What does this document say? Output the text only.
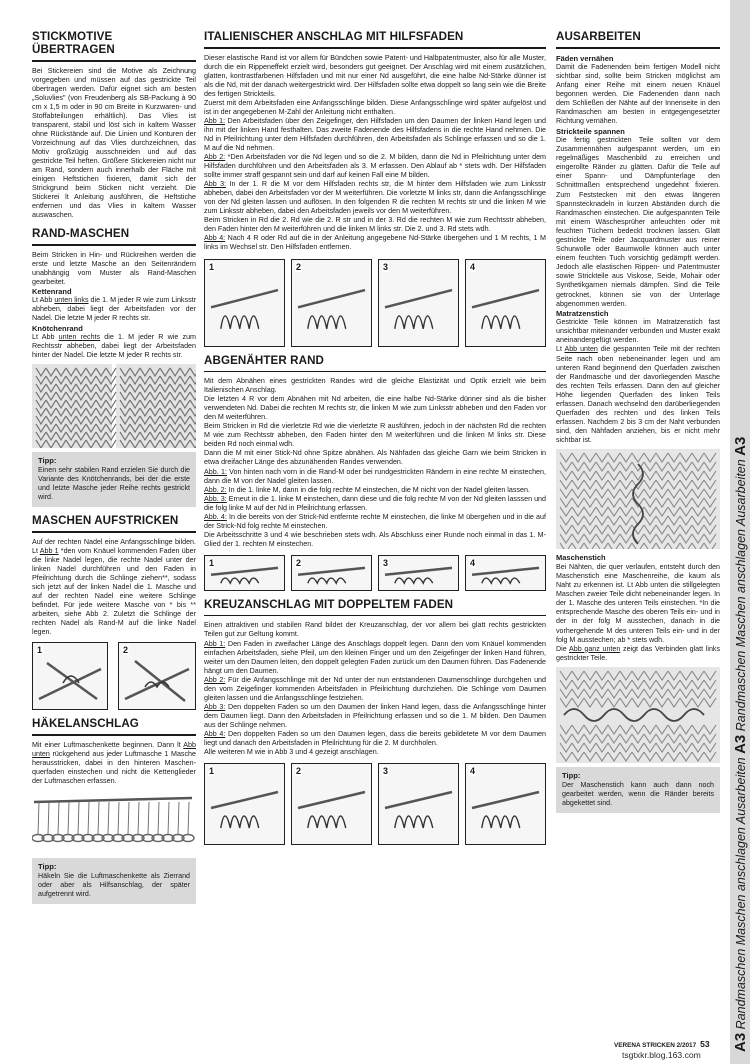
A3 Randmaschen Maschen anschlagen Ausarbeiten A3 Randmaschen Maschen anschlagen Ausarbeiten A3
STICKMOTIVE ÜBERTRAGEN

Bei Stickereien sind die Motive als Zeichnung vorgegeben und müssen auf das gestrickte Teil übertragen werden. Dafür eignet sich am besten „Soluvlies" (von Freudenberg als SB-Packung à 90 cm x 1,5 m oder in 90 cm Breite in Kurzwaren- und Stoffabteilungen erhältlich). Das Vlies ist transparent, stabil und löst sich in kaltem Wasser ohne Rückstände auf. Die Linien und Konturen der Vorzeichnung auf das Vlies durchzeichnen, das Motiv großzügig ausschneiden und auf das gestrickte Teil heften. Größere Stickereien nicht nur am Rand, sondern auch innerhalb der Fläche mit einigen Heftstichen fixieren, damit sich der Strickgrund beim Sticken nicht verzieht. Die Stickerei lt Anleitung ausführen, die Heftstiche entfernen und das Vlies in kaltem Wasser auswaschen.

RAND-MASCHEN

Beim Stricken in Hin- und Rückreihen werden die erste und letzte Masche an den Seitenrändern unabhängig vom Muster als Rand-Maschen gearbeitet.

Kettenrand

Lt Abb unten links die 1. M jeder R wie zum Linksstr abheben, dabei liegt der Arbeitsfaden vor der Nadel. Die letzte M jeder R rechts str.

Knötchenrand

Lt Abb unten rechts die 1. M jeder R wie zum Rechtsstr abheben, dabei liegt der Arbeitsfaden hinter der Nadel. Die letzte M jeder R rechts str.

Tipp:

Einen sehr stabilen Rand erzielen Sie durch die Variante des Knötchenrands, bei der die erste und letzte Masche jeder Reihe rechts gestrickt wird.

MASCHEN AUFSTRICKEN

Auf der rechten Nadel eine Anfangsschlinge bilden. Lt Abb 1 *den vom Knäuel kommenden Faden über die linke Nadel legen, die rechte Nadel unter der linken Nadel durchführen und den Faden in Pfeilrichtung durch die Schlinge ziehen**, sodass sich jetzt auf der linken Nadel die 1. Masche und auf der rechten Nadel eine weitere Schlinge befindet. Für jede weitere Masche von * bis ** arbeiten, siehe Abb 2. Zuletzt die Schlinge der rechten Nadel als Rand-M auf die linke Nadel legen.

1	2
HÄKELANSCHLAG

Mit einer Luftmaschenkette beginnen. Dann lt Abb unten rückgehend aus jeder Luftmasche 1 Masche herausstricken, dabei in den hinteren Maschenquerfaden einstechen und nicht die Kettenglieder der Luftmaschen erfassen.

Tipp:

Häkeln Sie die Luftmaschenkette als Zierrand oder aber als Hilfsanschlag, der später aufgetrennt wird.

ITALIENISCHER ANSCHLAG MIT HILFSFADEN

Dieser elastische Rand ist vor allem für Bündchen sowie Patent- und Halbpatentmuster, also für alle Muster, durch die ein Rippeneffekt erzielt wird, besonders gut geeignet. Der Anschlag wird mit einem zusätzlichen, glatten, kontrastfarbenen Hilfsfaden und mit nur einer Nd ausgeführt, die eine halbe Nd-Stärke dünner ist als die Nd, mit der danach weitergestrickt wird. Der Hilfsfaden sollte etwa doppelt so lang sein wie die Breite des fertigen Strickteils.

Zuerst mit dem Arbeitsfaden eine Anfangsschlinge bilden. Diese Anfangsschlinge wird später aufgelöst und ist in der angegebenen M-Zahl der Anleitung nicht enthalten.

Abb 1: Den Arbeitsfaden über den Zeigefinger, den Hilfsfaden um den Daumen der linken Hand legen und ihn mit der linken Hand festhalten. Das zweite Fadenende des Hilfsfadens in die rechte Hand nehmen. Die Nd in Pfeilrichtung unter dem Hilfsfaden durchführen, den Arbeitsfaden als Schlinge erfassen und so die 1. M auf die Nd nehmen.

Abb 2: *Den Arbeitsfaden vor die Nd legen und so die 2. M bilden, dann die Nd in Pfeilrichtung unter dem Hilfsfaden durchführen und den Arbeitsfaden als 3. M erfassen. Den Ablauf ab * stets wdh. Der Hilfsfaden sollte immer straff gespannt sein und darf auf keinen Fall eine M bilden.

Abb 3: In der 1. R die M vor dem Hilfsfaden rechts str, die M hinter dem Hilfsfaden wie zum Linksstr abheben, dabei den Arbeitsfaden vor der M weiterführen. Die vorletzte M links str, dann die Anfangsschlinge von der Nd gleiten lassen und auflösen. In den folgenden R die rechten M rechts str und die linken M wie zum Linksstr abheben, dabei den Arbeitsfaden jeweils vor den M weiterführen.

Beim Stricken in Rd die 2. Rd wie die 2. R str und in der 3. Rd die rechten M wie zum Rechtsstr abheben, den Faden hinter den M weiterführen und die linken M links str. Die 2. und 3. Rd stets wdh.

Abb 4: Nach 4 R oder Rd auf die in der Anleitung angegebene Nd-Stärke übergehen und 1 M rechts, 1 M links im Wechsel str. Den Hilfsfaden entfernen.

1	2	3	4
ABGENÄHTER RAND

Mit dem Abnähen eines gestrickten Randes wird die gleiche Elastizität und Optik erzielt wie beim Italienischen Anschlag.

Die letzten 4 R vor dem Abnähen mit Nd arbeiten, die eine halbe Nd-Stärke dünner sind als die bisher verwendeten Nd. Dabei die rechten M rechts str, die linken M wie zum Linksstr abheben und den Faden vor den M weiterführen.

Beim Stricken in Rd die vierletzte Rd wie die vierletzte R ausführen, jedoch in der nächsten Rd die rechten M wie zum Rechtsstr abheben, den Faden hinter den M weiterführen und die linken M links str. Diese beiden Rd noch einmal wdh.

Dann die M mit einer Stick-Nd ohne Spitze abnähen. Als Nähfaden das gleiche Garn wie beim Stricken in etwa dreifacher Länge des abzunähenden Randes verwenden.

Abb. 1: Von hinten nach vorn in die Rand-M oder bei rundgestrickten Rändern in eine rechte M einstechen, dann die M von der Nadel gleiten lassen.

Abb. 2: In die 1. linke M, dann in die folg rechte M einstechen, die M nicht von der Nadel gleiten lassen.

Abb. 3: Erneut in die 1. linke M einstechen, dann diese und die folg rechte M von der Nd gleiten lasssen und die folg linke M auf der Nd in Pfeilrichtung erfassen.

Abb. 4: In die bereits von der Strick-Nd entfernte rechte M einstechen, die linke M übergehen und in die auf der Strick-Nd folg rechte M einstechen.

Die Arbeitsschritte 3 und 4 wie beschrieben stets wdh. Als Abschluss einer Runde noch einmal in das 1. M-Glied der 1. rechten M einstechen.

1	2	3	4
KREUZANSCHLAG MIT DOPPELTEM FADEN

Einen attraktiven und stabilen Rand bildet der Kreuzanschlag, der vor allem bei glatt rechts gestrickten Teilen gut zur Geltung kommt.

Abb 1: Den Faden in zweifacher Länge des Anschlags doppelt legen. Dann den vom Knäuel kommenden einfachen Arbeitsfaden, siehe Pfeil, um den kleinen Finger und um den Zeigefinger der linken Hand führen, weiter um den Daumen leiten, den doppelt gelegten Faden zurück um den Daumen führen. Das Fadenende hängt um den Daumen.

Abb 2: Für die Anfangsschlinge mit der Nd unter der nun entstandenen Daumenschlinge durchgehen und den vom Zeigefinger kommenden Arbeitsfaden in Pfeilrichtung durchziehen. Die Schlinge vom Daumen gleiten lassen und die Anfangsschlinge festziehen.

Abb 3: Den doppelten Faden so um den Daumen der linken Hand legen, dass die Anfangsschlinge hinter dem Daumen liegt. Dann den Arbeitsfaden in Pfeilrichtung erfassen und so die 1. M bilden. Den Daumen aus der Schlinge nehmen.

Abb 4: Den doppelten Faden so um den Daumen legen, dass die bereits gebildetete M vor dem Daumen liegt und danach den Arbeitsfaden in Pfeilrichtung für die 2. M durchholen.

Alle weiteren M wie in Abb 3 und 4 gezeigt anschlagen.

1	2	3	4
AUSARBEITEN
Fäden vernähen

Damit die Fadenenden beim fertigen Modell nicht sichtbar sind, sollte beim Stricken möglichst am Anfang einer Reihe mit einem neuen Knäuel begonnen werden. Die Fadenenden dann nach dem Schließen der Nähte auf der Innenseite in den Randmaschen am besten in entgegengesetzter Richtung vernähen.

Strickteile spannen

Die fertig gestrickten Teile sollten vor dem Zusammennähen aufgespannt werden, um ein regelmäßiges Maschenbild zu erreichen und eingerollte Ränder zu glätten. Dafür die Teile auf einer Spann- und Dämpfunterlage den Schnittmaßen entsprechend ungedehnt fixieren. Zum Feststecken mit den etwas längeren Spannstecknadeln in kurzen Abständen durch die Randmaschen einstechen. Die aufgespannten Teile mit einem Wäschesprüher anfeuchten oder mit feuchten Tüchern bedeckt trocknen lassen. Glatt gestrickte Teile oder Jacquardmuster aus reiner Schurwolle oder Baumwolle können auch unter einem feuchten Tuch vorsichtig gedämpft werden. Jedoch alle elastischen Rippen- und Patentmuster sowie Strickteile aus Viskose, Seide, Mohair oder Synthetikgarnen niemals dämpfen. Sind die Teile getrocknet, können sie von der Unterlage abgenommen werden.

Matratzenstich

Gestrickte Teile können im Matratzenstich fast unsichtbar miteinander verbunden und Muster exakt aneinandergefügt werden.

Lt Abb unten die gespannten Teile mit der rechten Seite nach oben nebeneinander legen und am unteren Rand beginnend den Querfaden zwischen der Randmasche und der davorliegenden Masche des rechten Teils erfassen. Dann den auf gleicher Höhe liegenden Querfaden des linken Teils erfassen. Danach wechselnd den darüberliegenden Querfaden des rechten und des linken Teils erfassen. Nachdem 2 bis 3 cm der Naht verbunden sind, den Nähfaden anziehen, bis er nicht mehr sichtbar ist.

Maschenstich

Bei Nähten, die quer verlaufen, entsteht durch den Maschenstich eine Maschenreihe, die kaum als Naht zu erkennen ist. Lt Abb unten die stillgelegten Maschen zweier Teile dicht nebeneinander legen. In der 1. Masche des unteren Teils einstechen. *In die entsprechende Masche des oberen Teils ein- und in der in der folg M ausstechen, danach in die vorhergehende M des unteren Teils ein- und in der folg M ausstechen; ab * stets wdh.

Die Abb ganz unten zeigt das Verbinden glatt links gestrickter Teile.

Tipp:

Der Maschenstich kann auch dann noch gearbeitet werden, wenn die Ränder bereits abgekettet sind.

VERENA STRICKEN 2/2017 53
tsgtxkr.blog.163.com
